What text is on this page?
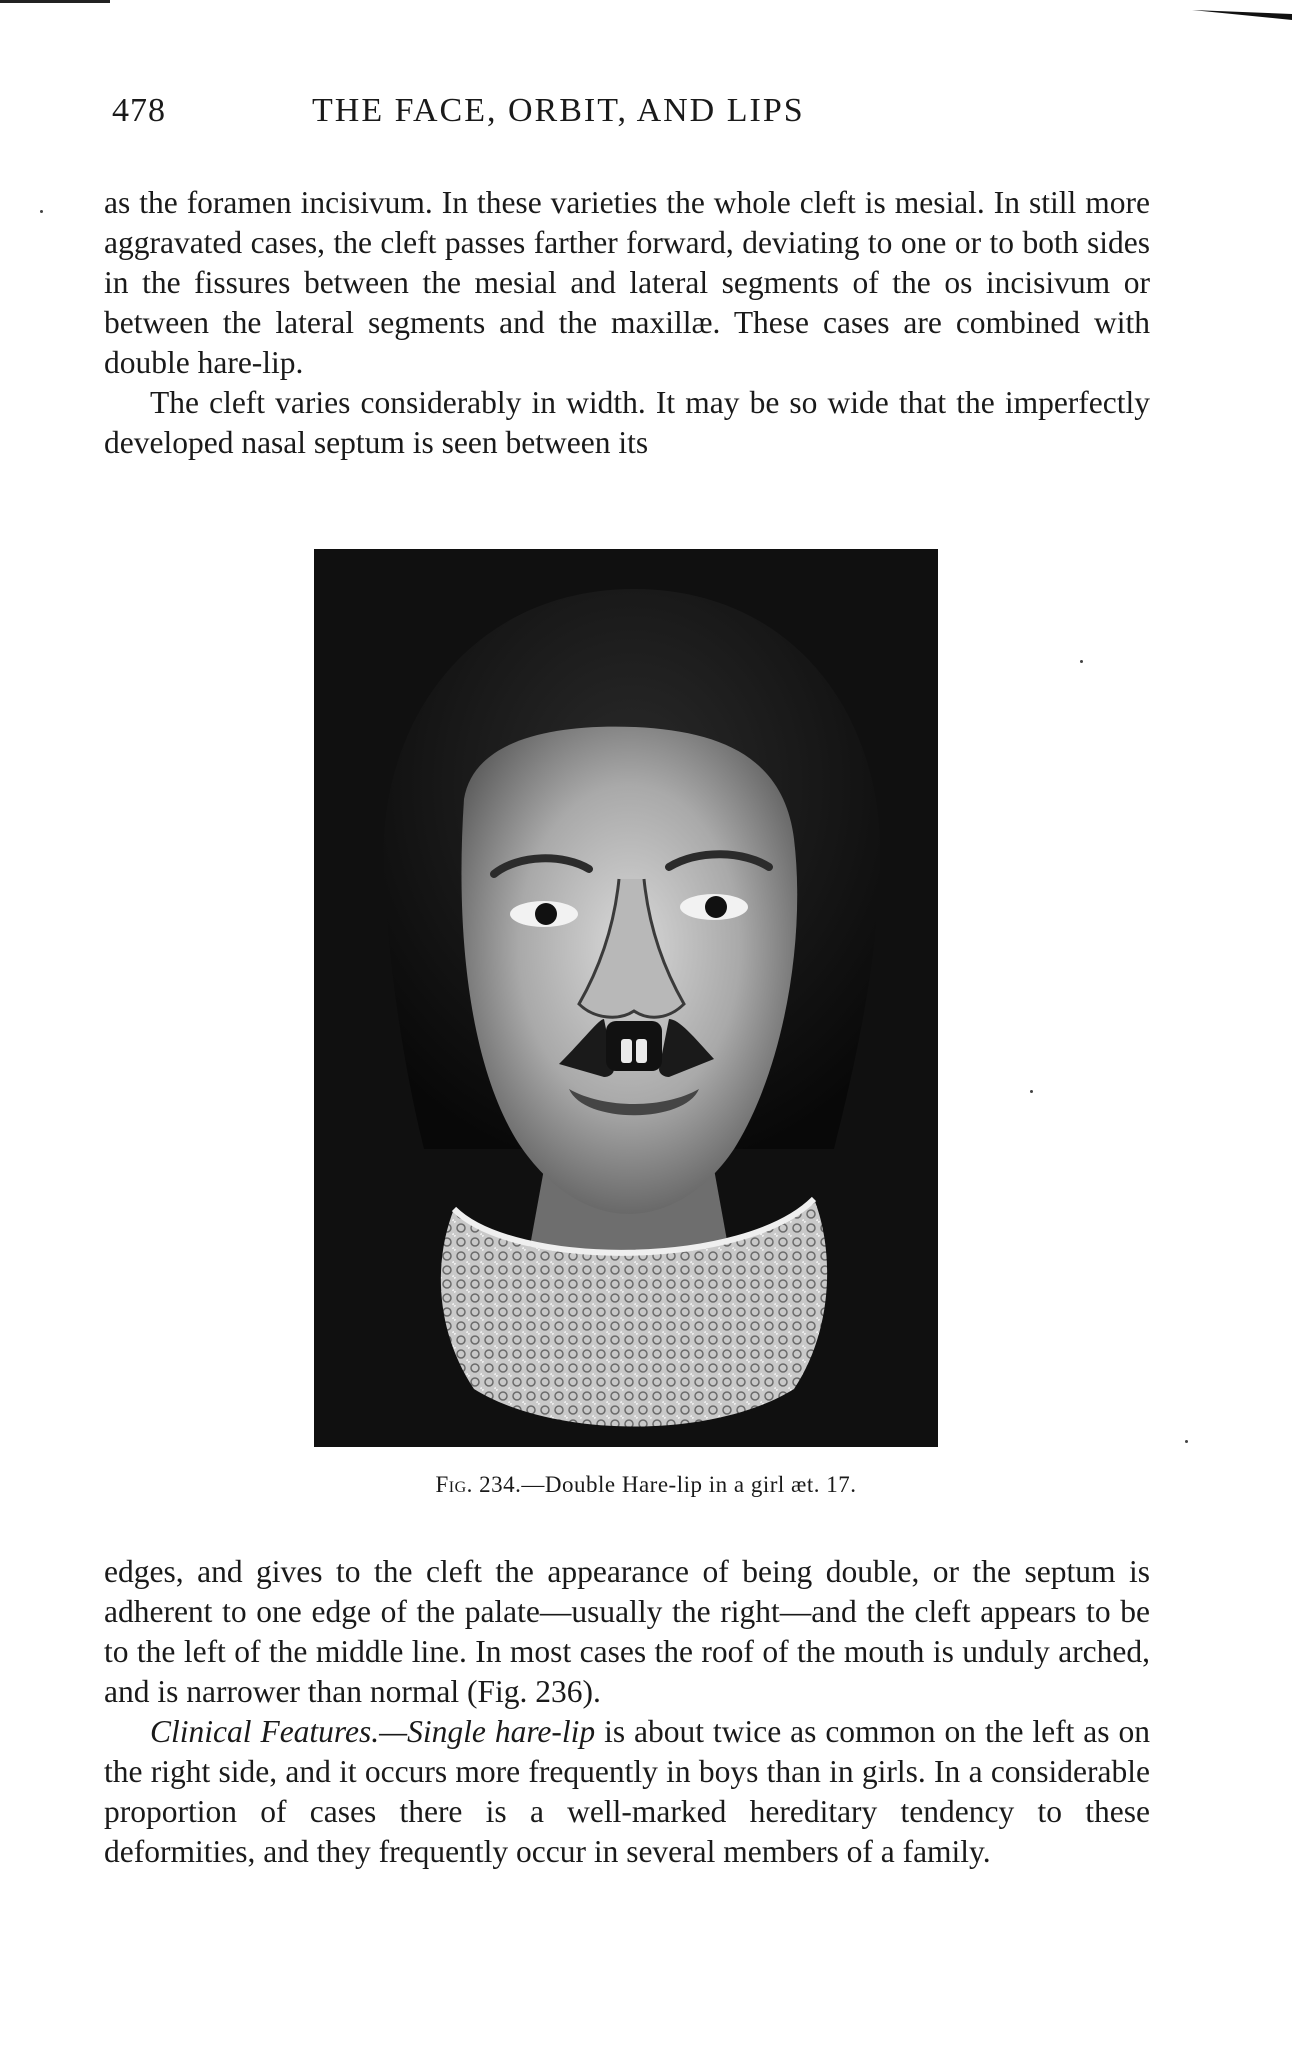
478	THE FACE, ORBIT, AND LIPS

as the foramen incisivum. In these varieties the whole cleft is mesial. In still more aggravated cases, the cleft passes farther forward, deviating to one or to both sides in the fissures between the mesial and lateral segments of the os incisivum or between the lateral segments and the maxillæ. These cases are combined with double hare-lip.

The cleft varies considerably in width. It may be so wide that the imperfectly developed nasal septum is seen between its

Fig. 234.—Double Hare-lip in a girl æt. 17.

edges, and gives to the cleft the appearance of being double, or the septum is adherent to one edge of the palate—usually the right—and the cleft appears to be to the left of the middle line. In most cases the roof of the mouth is unduly arched, and is narrower than normal (Fig. 236).

Clinical Features.—Single hare-lip is about twice as common on the left as on the right side, and it occurs more frequently in boys than in girls. In a considerable proportion of cases there is a well-marked hereditary tendency to these deformities, and they frequently occur in several members of a family.
